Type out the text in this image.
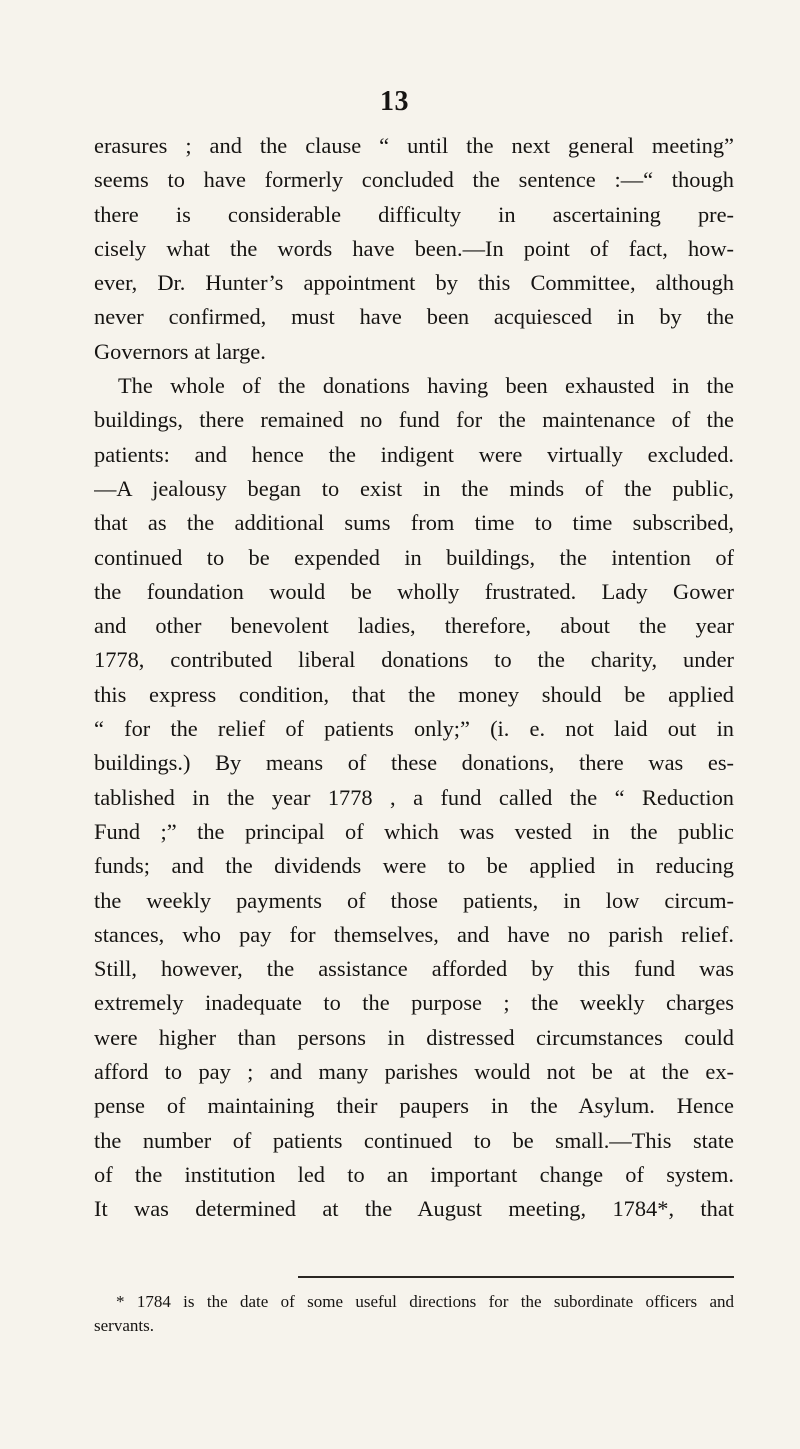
13
erasures ; and the clause “ until the next general meeting”
seems to have formerly concluded the sentence :—“ though
there is considerable difficulty in ascertaining pre-
cisely what the words have been.—In point of fact, how-
ever, Dr. Hunter’s appointment by this Committee, although
never confirmed, must have been acquiesced in by the
Governors at large.
The whole of the donations having been exhausted in the
buildings, there remained no fund for the maintenance of the
patients: and hence the indigent were virtually excluded.
—A jealousy began to exist in the minds of the public,
that as the additional sums from time to time subscribed,
continued to be expended in buildings, the intention of
the foundation would be wholly frustrated. Lady Gower
and other benevolent ladies, therefore, about the year
1778, contributed liberal donations to the charity, under
this express condition, that the money should be applied
“ for the relief of patients only;” (i. e. not laid out in
buildings.) By means of these donations, there was es-
tablished in the year 1778 , a fund called the “ Reduction
Fund ;” the principal of which was vested in the public
funds; and the dividends were to be applied in reducing
the weekly payments of those patients, in low circum-
stances, who pay for themselves, and have no parish relief.
Still, however, the assistance afforded by this fund was
extremely inadequate to the purpose ; the weekly charges
were higher than persons in distressed circumstances could
afford to pay ; and many parishes would not be at the ex-
pense of maintaining their paupers in the Asylum. Hence
the number of patients continued to be small.—This state
of the institution led to an important change of system.
It was determined at the August meeting, 1784*, that
* 1784 is the date of some useful directions for the subordinate officers and
servants.
